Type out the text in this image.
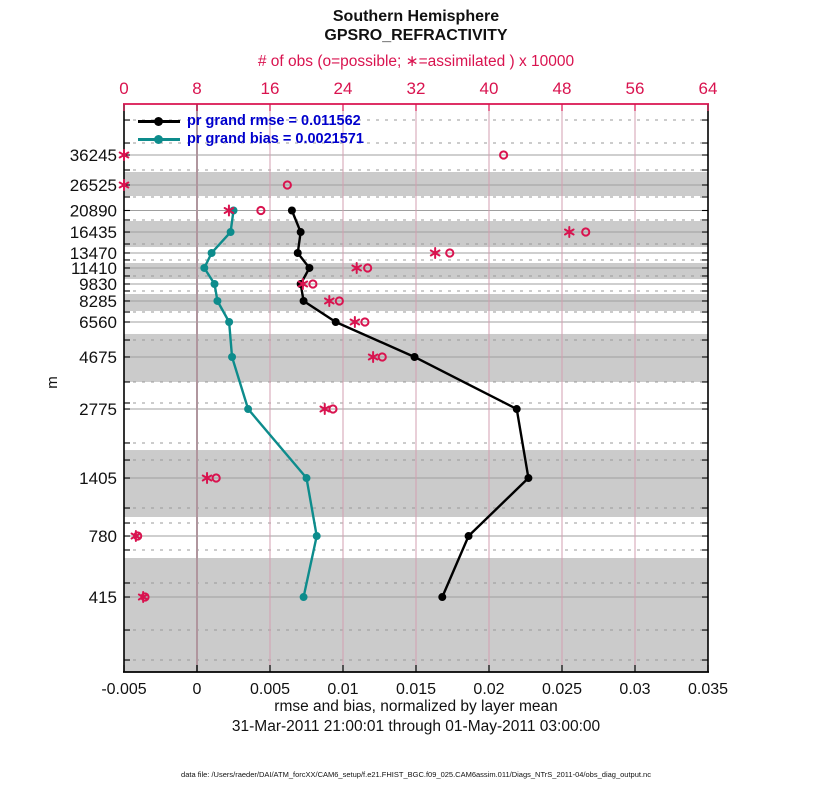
36245
26525
20890
16435
13470
11410
9830
8285
6560
4675
2775
1405
780
415
-0.005	0	0.005 0.01 0.015 0.02 0.025 0.03 0.035
0	8	16	24	32	40	48	56	64
Southern Hemisphere
GPSRO_REFRACTIVITY
# of obs (o=possible; ∗=assimilated ) x 10000
pr grand rmse = 0.011562
pr grand bias = 0.0021571
m
rmse and bias, normalized by layer mean
31-Mar-2011 21:00:01 through 01-May-2011 03:00:00
data file: /Users/raeder/DAI/ATM_forcXX/CAM6_setup/f.e21.FHIST_BGC.f09_025.CAM6assim.011/Diags_NTrS_2011-04/obs_diag_output.nc
